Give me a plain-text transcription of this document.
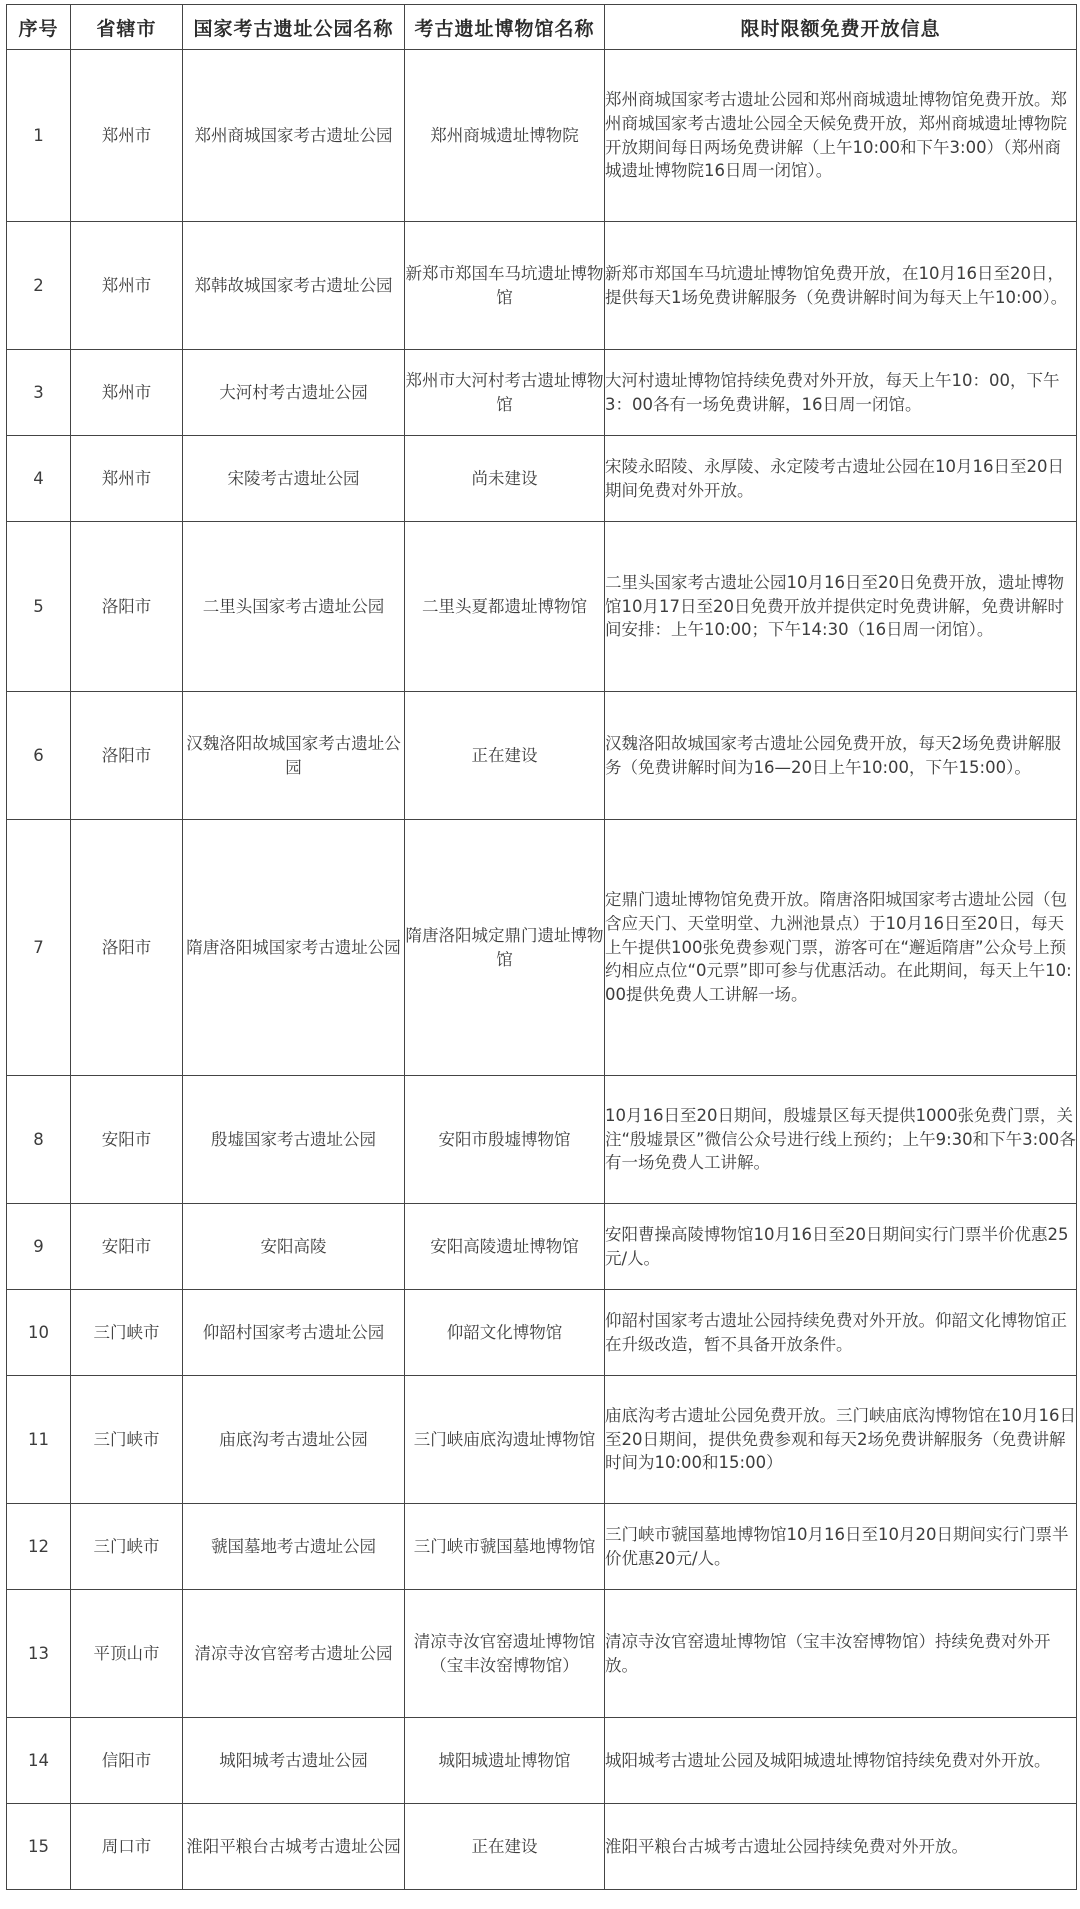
序号	省辖市	国家考古遗址公园名称	考古遗址博物馆名称	限时限额免费开放信息
1	郑州市	郑州商城国家考古遗址公园	郑州商城遗址博物院	郑州商城国家考古遗址公园和郑州商城遗址博物馆免费开放。郑州商城国家考古遗址公园全天候免费开放，郑州商城遗址博物院开放期间每日两场免费讲解（上午10:00和下午3:00）（郑州商城遗址博物院16日周一闭馆）。
2	郑州市	郑韩故城国家考古遗址公园	新郑市郑国车马坑遗址博物馆	新郑市郑国车马坑遗址博物馆免费开放，在10月16日至20日，提供每天1场免费讲解服务（免费讲解时间为每天上午10:00）。
3	郑州市	大河村考古遗址公园	郑州市大河村考古遗址博物馆	大河村遗址博物馆持续免费对外开放，每天上午10：00，下午3：00各有一场免费讲解，16日周一闭馆。
4	郑州市	宋陵考古遗址公园	尚未建设	宋陵永昭陵、永厚陵、永定陵考古遗址公园在10月16日至20日期间免费对外开放。
5	洛阳市	二里头国家考古遗址公园	二里头夏都遗址博物馆	二里头国家考古遗址公园10月16日至20日免费开放，遗址博物馆10月17日至20日免费开放并提供定时免费讲解，免费讲解时间安排：上午10:00；下午14:30（16日周一闭馆）。
6	洛阳市	汉魏洛阳故城国家考古遗址公园	正在建设	汉魏洛阳故城国家考古遗址公园免费开放，每天2场免费讲解服务（免费讲解时间为16—20日上午10:00，下午15:00）。
7	洛阳市	隋唐洛阳城国家考古遗址公园	隋唐洛阳城定鼎门遗址博物馆	定鼎门遗址博物馆免费开放。隋唐洛阳城国家考古遗址公园（包含应天门、天堂明堂、九洲池景点）于10月16日至20日，每天上午提供100张免费参观门票，游客可在“邂逅隋唐”公众号上预约相应点位“0元票”即可参与优惠活动。在此期间，每天上午10:00提供免费人工讲解一场。
8	安阳市	殷墟国家考古遗址公园	安阳市殷墟博物馆	10月16日至20日期间，殷墟景区每天提供1000张免费门票，关注“殷墟景区”微信公众号进行线上预约；上午9:30和下午3:00各有一场免费人工讲解。
9	安阳市	安阳高陵	安阳高陵遗址博物馆	安阳曹操高陵博物馆10月16日至20日期间实行门票半价优惠25元/人。
10	三门峡市	仰韶村国家考古遗址公园	仰韶文化博物馆	仰韶村国家考古遗址公园持续免费对外开放。仰韶文化博物馆正在升级改造，暂不具备开放条件。
11	三门峡市	庙底沟考古遗址公园	三门峡庙底沟遗址博物馆	庙底沟考古遗址公园免费开放。三门峡庙底沟博物馆在10月16日至20日期间，提供免费参观和每天2场免费讲解服务（免费讲解时间为10:00和15:00）
12	三门峡市	虢国墓地考古遗址公园	三门峡市虢国墓地博物馆	三门峡市虢国墓地博物馆10月16日至10月20日期间实行门票半价优惠20元/人。
13	平顶山市	清凉寺汝官窑考古遗址公园	清凉寺汝官窑遗址博物馆（宝丰汝窑博物馆）	清凉寺汝官窑遗址博物馆（宝丰汝窑博物馆）持续免费对外开放。
14	信阳市	城阳城考古遗址公园	城阳城遗址博物馆	城阳城考古遗址公园及城阳城遗址博物馆持续免费对外开放。
15	周口市	淮阳平粮台古城考古遗址公园	正在建设	淮阳平粮台古城考古遗址公园持续免费对外开放。
